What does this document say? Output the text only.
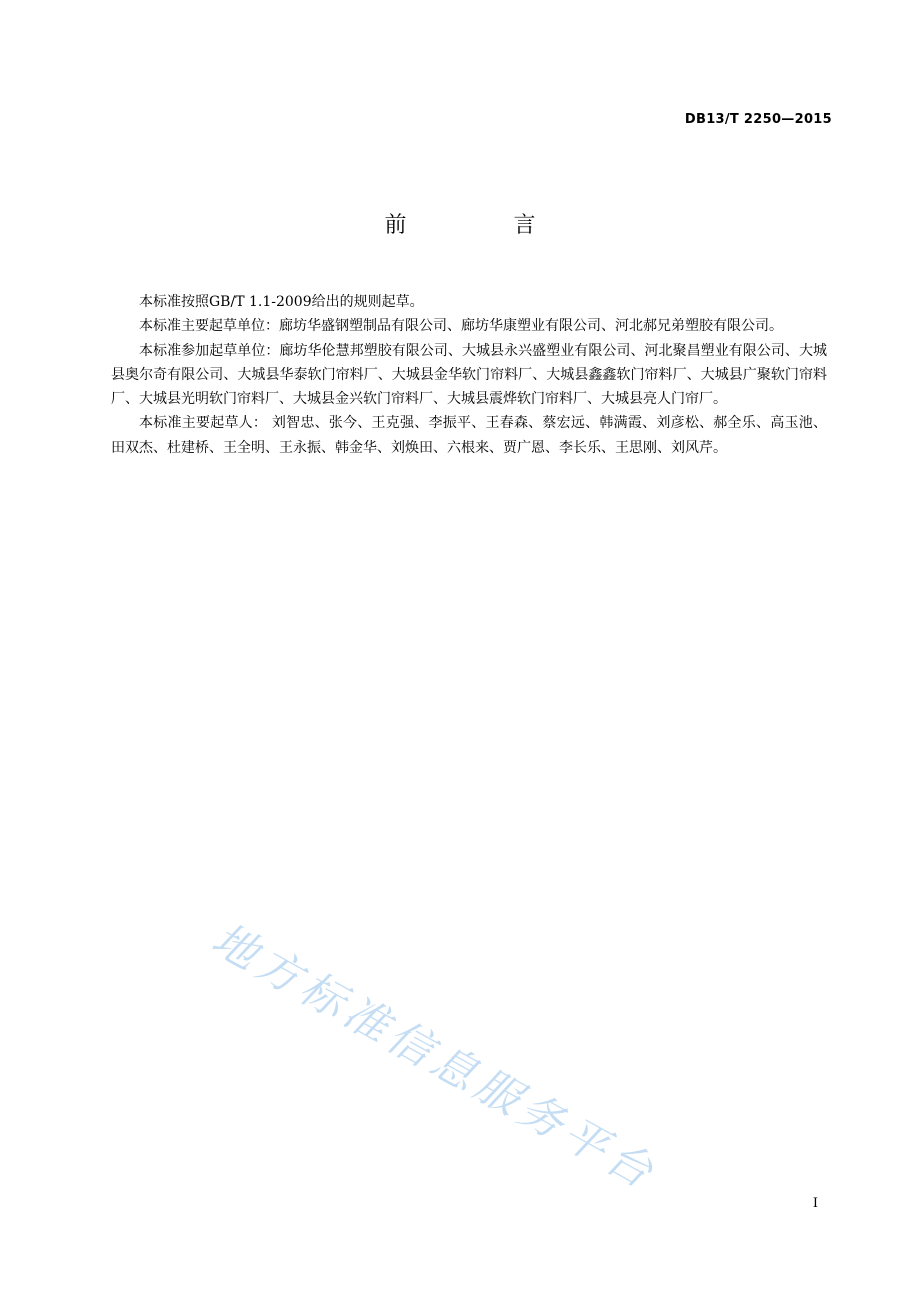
DB13/T 2250—2015
前 言

本标准按照GB/T 1.1-2009给出的规则起草。

本标准主要起草单位：廊坊华盛钢塑制品有限公司、廊坊华康塑业有限公司、河北郝兄弟塑胶有限公司。

本标准参加起草单位：廊坊华伦慧邦塑胶有限公司、大城县永兴盛塑业有限公司、河北聚昌塑业有限公司、大城县奥尔奇有限公司、大城县华泰软门帘料厂、大城县金华软门帘料厂、大城县鑫鑫软门帘料厂、大城县广聚软门帘料厂、大城县光明软门帘料厂、大城县金兴软门帘料厂、大城县震烨软门帘料厂、大城县亮人门帘厂。

本标准主要起草人： 刘智忠、张今、王克强、李振平、王春森、蔡宏远、韩满霞、刘彦松、郝全乐、高玉池、田双杰、杜建桥、王全明、王永振、韩金华、刘焕田、六根来、贾广恩、李长乐、王思刚、刘风芹。

地方标准信息服务平台
I
